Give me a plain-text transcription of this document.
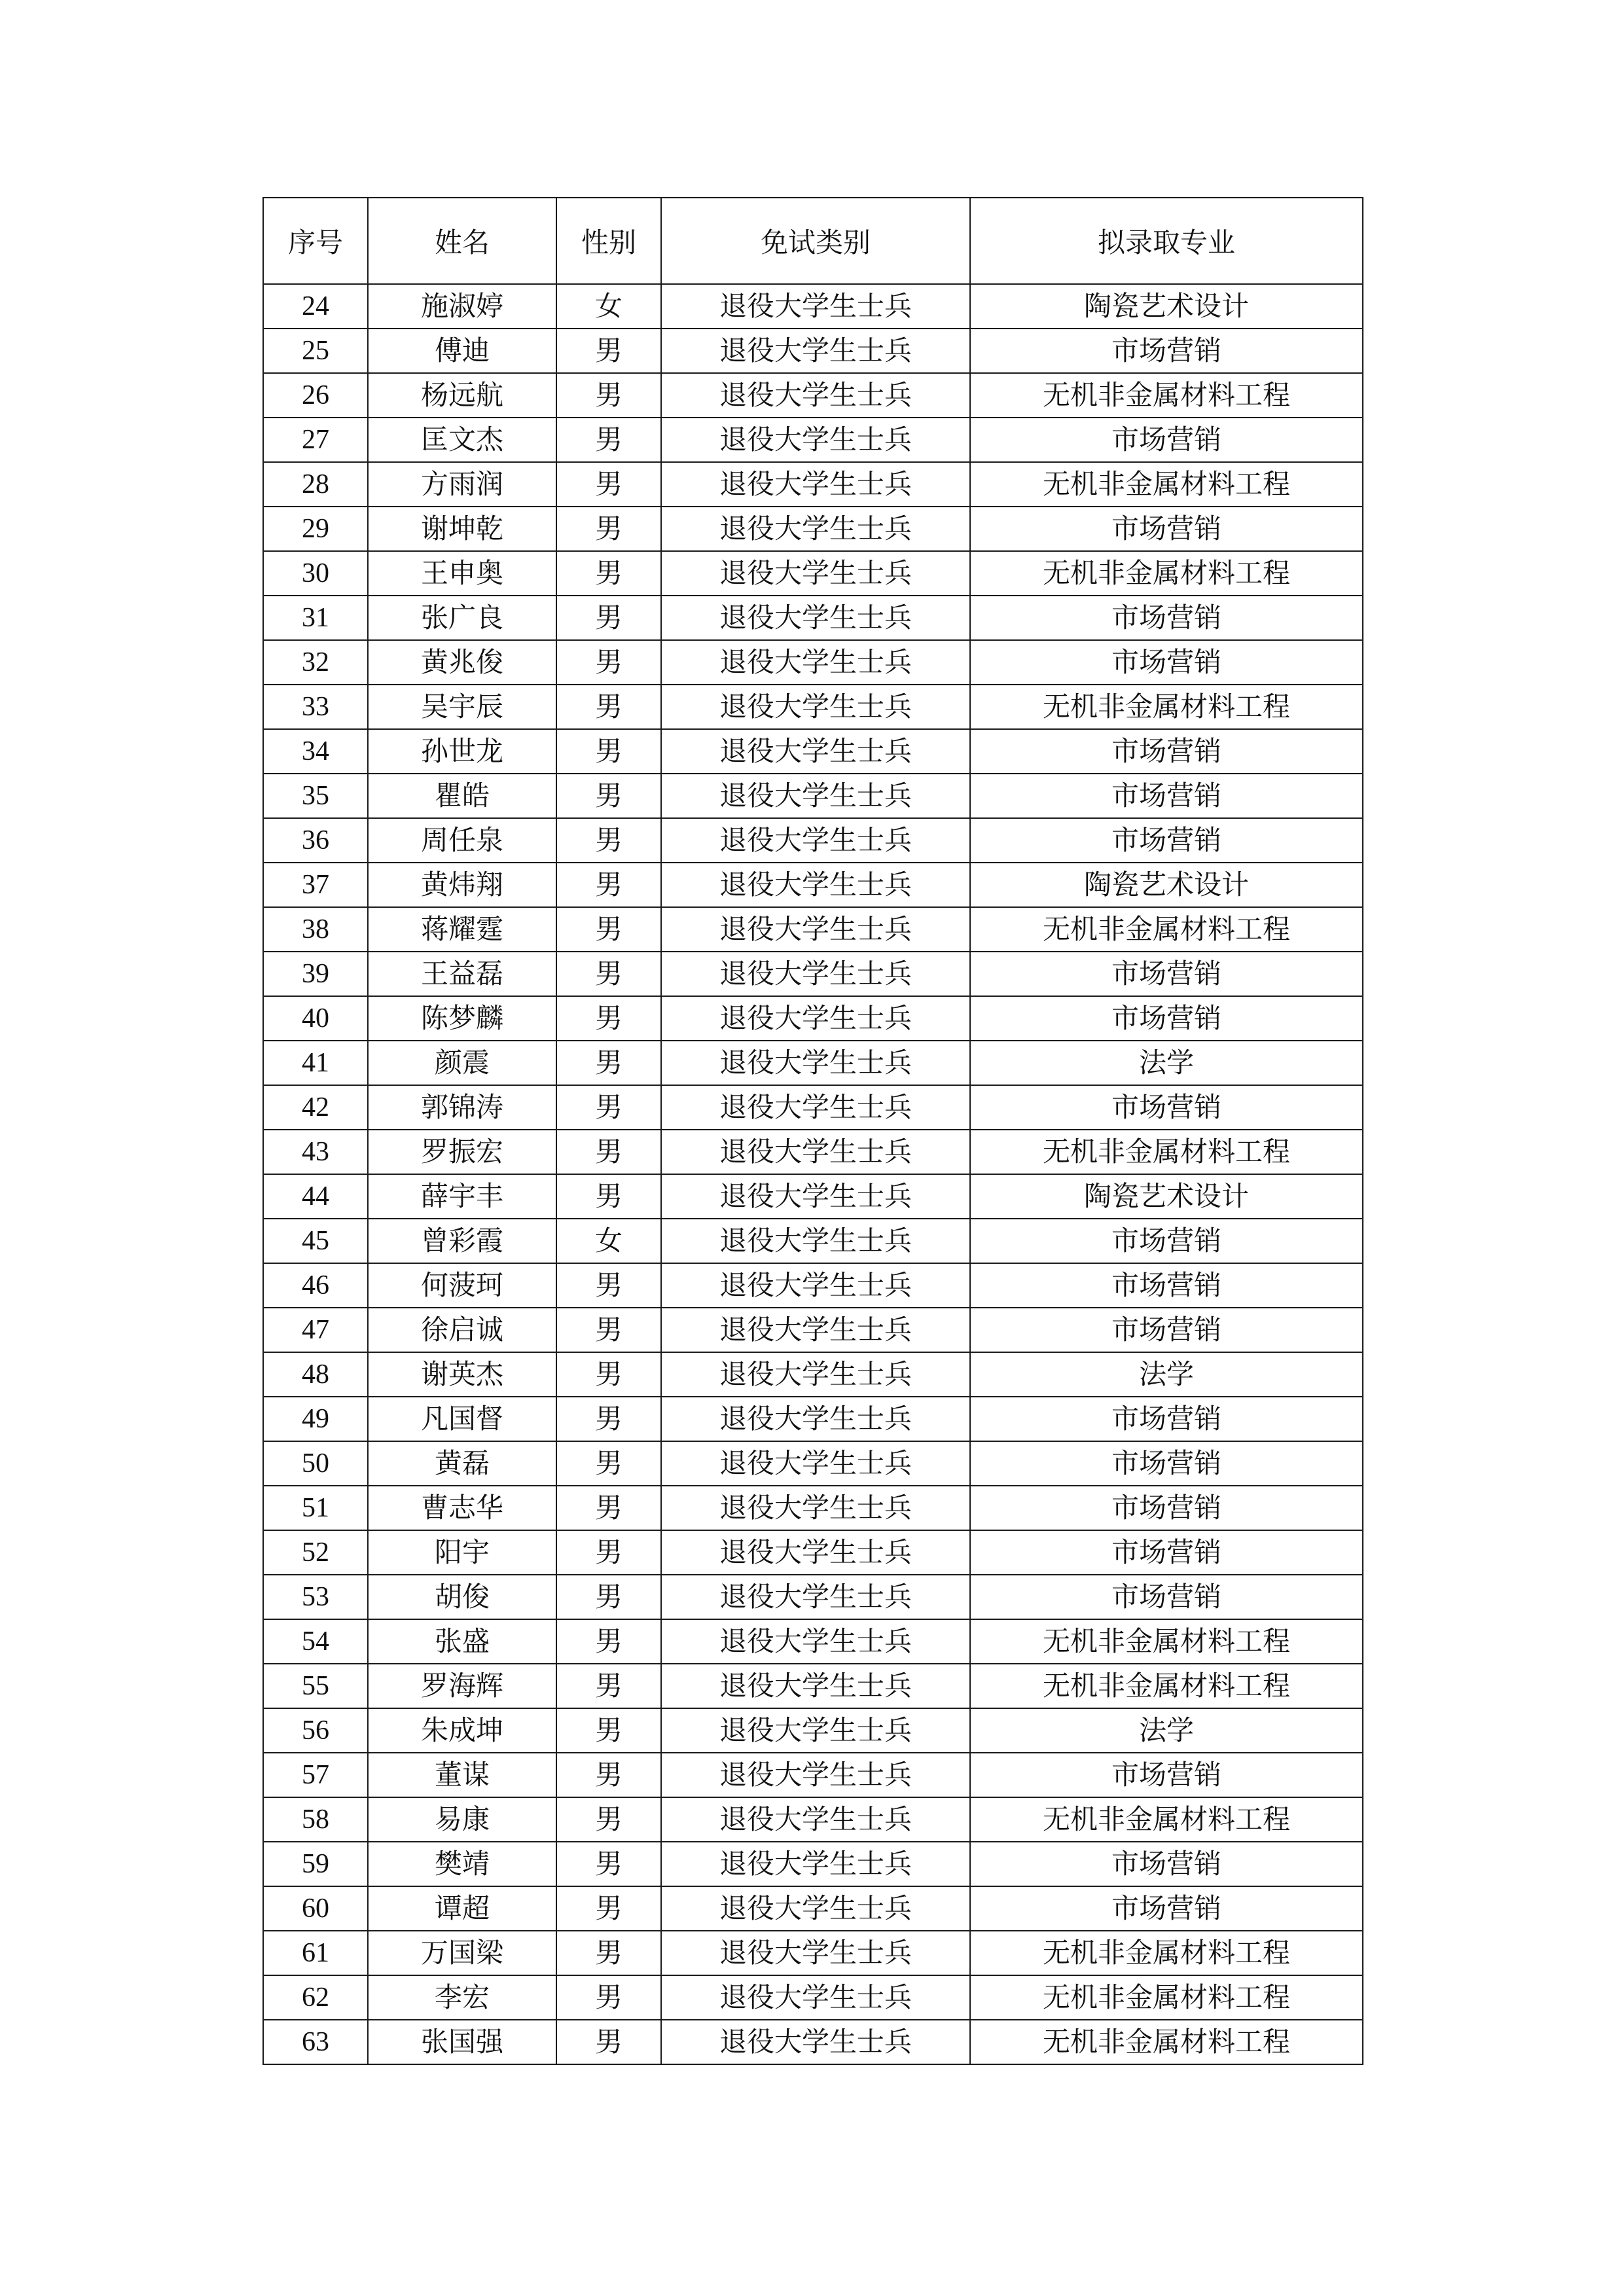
序号	姓名	性别	免试类别	拟录取专业
24	施淑婷	女	退役大学生士兵	陶瓷艺术设计
25	傅迪	男	退役大学生士兵	市场营销
26	杨远航	男	退役大学生士兵	无机非金属材料工程
27	匡文杰	男	退役大学生士兵	市场营销
28	方雨润	男	退役大学生士兵	无机非金属材料工程
29	谢坤乾	男	退役大学生士兵	市场营销
30	王申奥	男	退役大学生士兵	无机非金属材料工程
31	张广良	男	退役大学生士兵	市场营销
32	黄兆俊	男	退役大学生士兵	市场营销
33	吴宇辰	男	退役大学生士兵	无机非金属材料工程
34	孙世龙	男	退役大学生士兵	市场营销
35	瞿皓	男	退役大学生士兵	市场营销
36	周任泉	男	退役大学生士兵	市场营销
37	黄炜翔	男	退役大学生士兵	陶瓷艺术设计
38	蒋耀霆	男	退役大学生士兵	无机非金属材料工程
39	王益磊	男	退役大学生士兵	市场营销
40	陈梦麟	男	退役大学生士兵	市场营销
41	颜震	男	退役大学生士兵	法学
42	郭锦涛	男	退役大学生士兵	市场营销
43	罗振宏	男	退役大学生士兵	无机非金属材料工程
44	薛宇丰	男	退役大学生士兵	陶瓷艺术设计
45	曾彩霞	女	退役大学生士兵	市场营销
46	何菠珂	男	退役大学生士兵	市场营销
47	徐启诚	男	退役大学生士兵	市场营销
48	谢英杰	男	退役大学生士兵	法学
49	凡国督	男	退役大学生士兵	市场营销
50	黄磊	男	退役大学生士兵	市场营销
51	曹志华	男	退役大学生士兵	市场营销
52	阳宇	男	退役大学生士兵	市场营销
53	胡俊	男	退役大学生士兵	市场营销
54	张盛	男	退役大学生士兵	无机非金属材料工程
55	罗海辉	男	退役大学生士兵	无机非金属材料工程
56	朱成坤	男	退役大学生士兵	法学
57	董谋	男	退役大学生士兵	市场营销
58	易康	男	退役大学生士兵	无机非金属材料工程
59	樊靖	男	退役大学生士兵	市场营销
60	谭超	男	退役大学生士兵	市场营销
61	万国梁	男	退役大学生士兵	无机非金属材料工程
62	李宏	男	退役大学生士兵	无机非金属材料工程
63	张国强	男	退役大学生士兵	无机非金属材料工程
